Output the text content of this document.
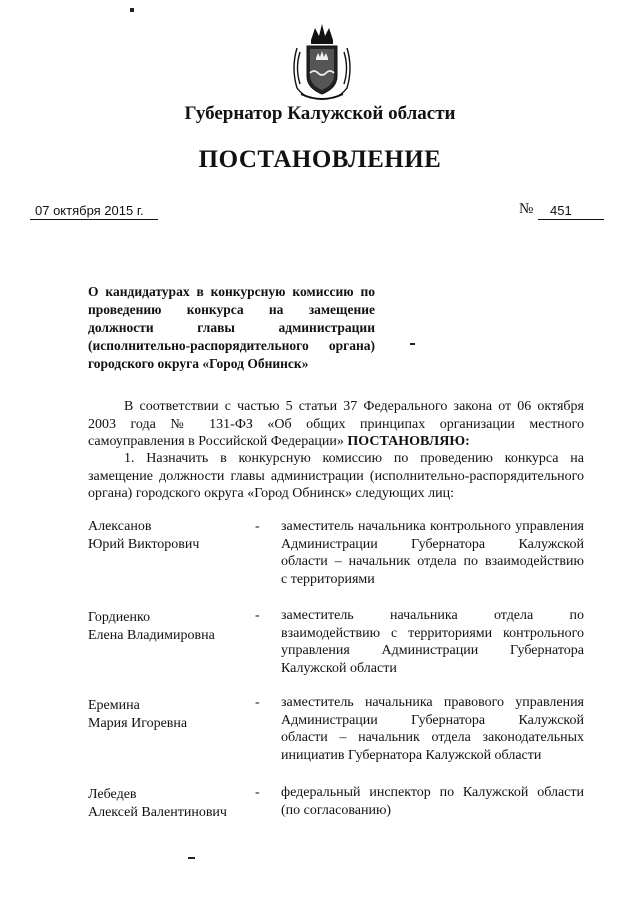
Губернатор Калужской области
ПОСТАНОВЛЕНИЕ
07 октября 2015 г.	№ 451
О кандидатурах в конкурсную комиссию по
проведению конкурса на замещение
должности главы администрации
(исполнительно-распорядительного органа)
городского округа «Город Обнинск»
В соответствии с частью 5 статьи 37 Федерального закона от 06 октября 2003 года № 131-ФЗ «Об общих принципах организации местного самоуправления в Российской Федерации» ПОСТАНОВЛЯЮ:
1. Назначить в конкурсную комиссию по проведению конкурса на замещение должности главы администрации (исполнительно-распорядительного органа) городского округа «Город Обнинск» следующих лиц:
Алексанов
Юрий Викторович
- заместитель начальника контрольного управления
Администрации Губернатора Калужской
области – начальник отдела по взаимодействию
с территориями
Гордиенко
Елена Владимировна
- заместитель начальника отдела по
взаимодействию с территориями контрольного
управления Администрации Губернатора
Калужской области
Еремина
Мария Игоревна
- заместитель начальника правового управления
Администрации Губернатора Калужской
области – начальник отдела законодательных
инициатив Губернатора Калужской области
Лебедев
Алексей Валентинович
- федеральный инспектор по Калужской области
(по согласованию)
